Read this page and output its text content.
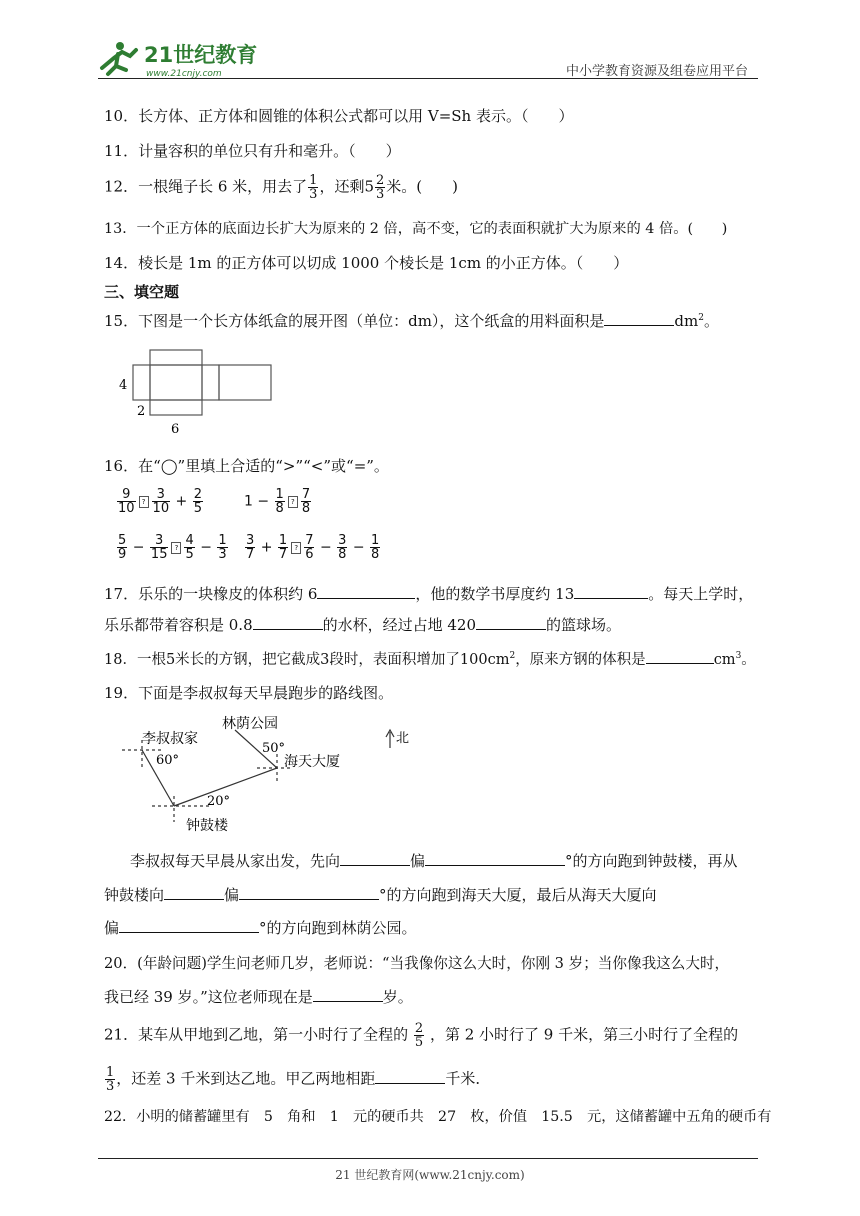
21世纪教育
www.21cnjy.com	中小学教育资源及组卷应用平台
10．长方体、正方体和圆锥的体积公式都可以用 V=Sh 表示。（　　）
11．计量容积的单位只有升和毫升。（　　）
12．一根绳子长 6 米，用去了 $\frac{1}{3}$ ，还剩$5 \frac{2}{3}$ 米。(　　)
13．一个正方体的底面边长扩大为原来的 2 倍，高不变，它的表面积就扩大为原来的 4 倍。(　　)
14．棱长是 1m 的正方体可以切成 1000 个棱长是 1cm 的小正方体。（　　）
三、填空题
15．下图是一个长方体纸盒的展开图（单位：dm），这个纸盒的用料面积是	$dm^2$。
4
2
6
16．在“◯”里填上合适的“>”“<”或“=”。
$\frac{9}{10}$ ? $\frac{3}{10} + \frac{2}{5}$	$1 - \frac{1}{8}$ ? $\frac{7}{8}$
$\frac{5}{9} - \frac{3}{15}$ ? $\frac{4}{5} - \frac{1}{3} \frac{3}{7} + \frac{1}{7}$ ? $\frac{7}{6} - \frac{3}{8} - \frac{1}{8}$
17．乐乐的一块橡皮的体积约 6	，他的数学书厚度约 13	。每天上学时，
乐乐都带着容积是 0.8	的水杯，经过占地 420	的篮球场。
18．一根5米长的方钢，把它截成3段时，表面积增加了$100cm^2$，原来方钢的体积是	$cm^3$。
19．下面是李叔叔每天早晨跑步的路线图。
李叔叔家
林荫公园
海天大厦
钟鼓楼
北
60°
50°
20°
李叔叔每天早晨从家出发，先向	偏	°的方向跑到钟鼓楼，再从
钟鼓楼向	偏	°的方向跑到海天大厦，最后从海天大厦向
偏	°的方向跑到林荫公园。
20．(年龄问题)学生问老师几岁，老师说：“当我像你这么大时，你刚 3 岁；当你像我这么大时，
我已经 39 岁。”这位老师现在是	岁。
21．某车从甲地到乙地，第一小时行了全程的 $\frac{2}{5}$ ，第 2 小时行了 9 千米，第三小时行了全程的
$\frac{1}{3}$ ，还差 3 千米到达乙地。甲乙两地相距	千米．
22．小明的储蓄罐里有　5　角和　1　元的硬币共　27　枚，价值　15.5　元，这储蓄罐中五角的硬币有
21 世纪教育网(www.21cnjy.com)
